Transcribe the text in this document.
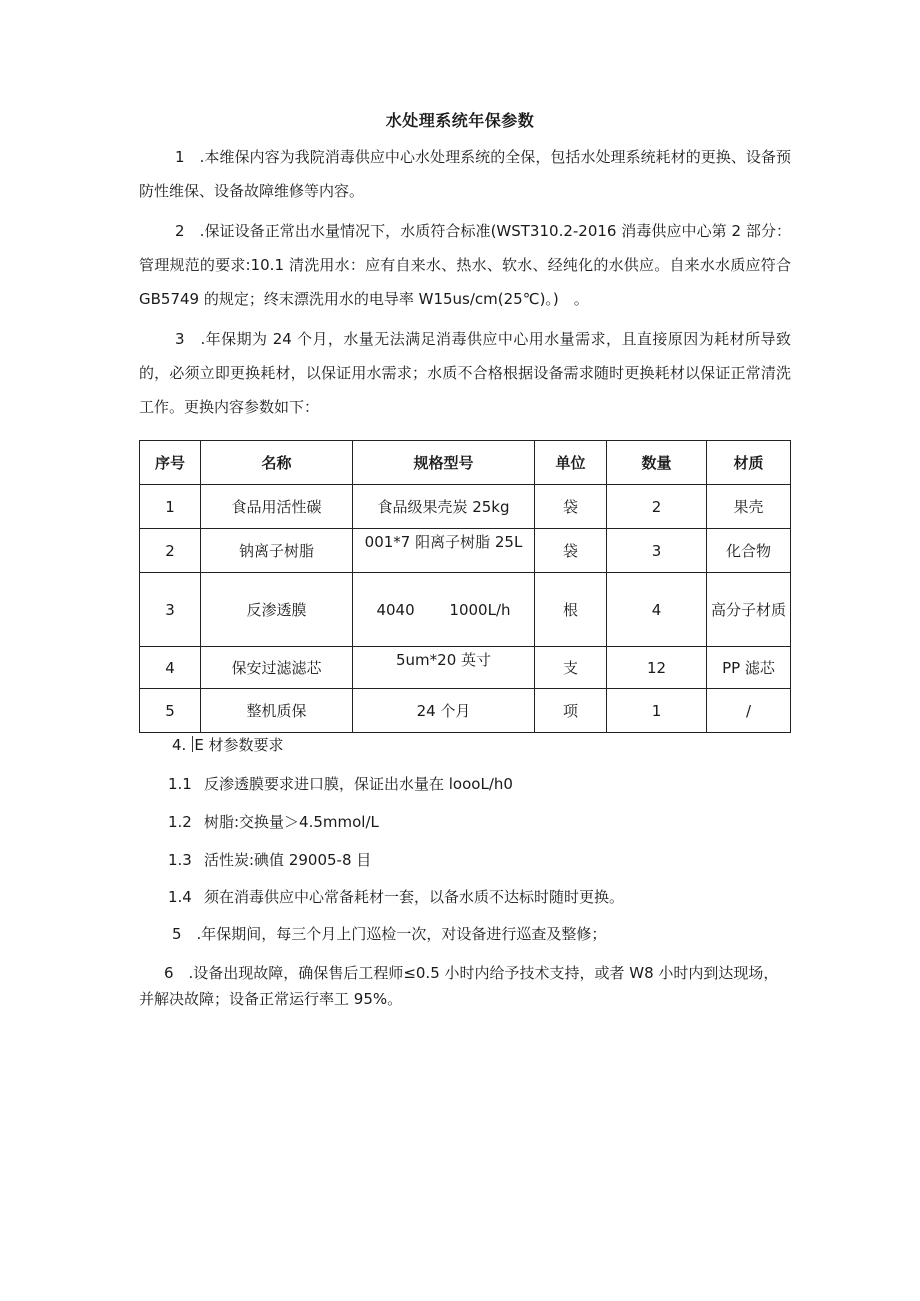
水处理系统年保参数
1　.本维保内容为我院消毒供应中心水处理系统的全保，包括水处理系统耗材的更换、设备预防性维保、设备故障维修等内容。
2　.保证设备正常出水量情况下，水质符合标准(WST310.2-2016 消毒供应中心第 2 部分：管理规范的要求:10.1 清洗用水：应有自来水、热水、软水、经纯化的水供应。自来水水质应符合 GB5749 的规定；终末漂洗用水的电导率 W15us∕cm(25℃)。)　。
3　.年保期为 24 个月，水量无法满足消毒供应中心用水量需求，且直接原因为耗材所导致的，必须立即更换耗材，以保证用水需求；水质不合格根据设备需求随时更换耗材以保证正常清洗工作。更换内容参数如下：
序号	名称	规格型号	单位	数量	材质
1	食品用活性碳	食品级果壳炭 25kg	袋	2	果壳
2	钠离子树脂	001*7 阳离子树脂 25L	袋	3	化合物
3	反渗透膜	4040 1000L∕h	根	4	高分子材质
4	保安过滤滤芯	5um*20 英寸	支	12	PP 滤芯
5	整机质保	24 个月	项	1	/
4. E 材参数要求
1.1 反渗透膜要求进口膜，保证出水量在 loooL∕h0
1.2 树脂:交换量＞4.5mmol∕L
1.3 活性炭:碘值 29005-8 目
1.4 须在消毒供应中心常备耗材一套，以备水质不达标时随时更换。
5　.年保期间，每三个月上门巡检一次，对设备进行巡查及整修；
6　.设备出现故障，确保售后工程师≤0.5 小时内给予技术支持，或者 W8 小时内到达现场，并解决故障；设备正常运行率工 95%。
